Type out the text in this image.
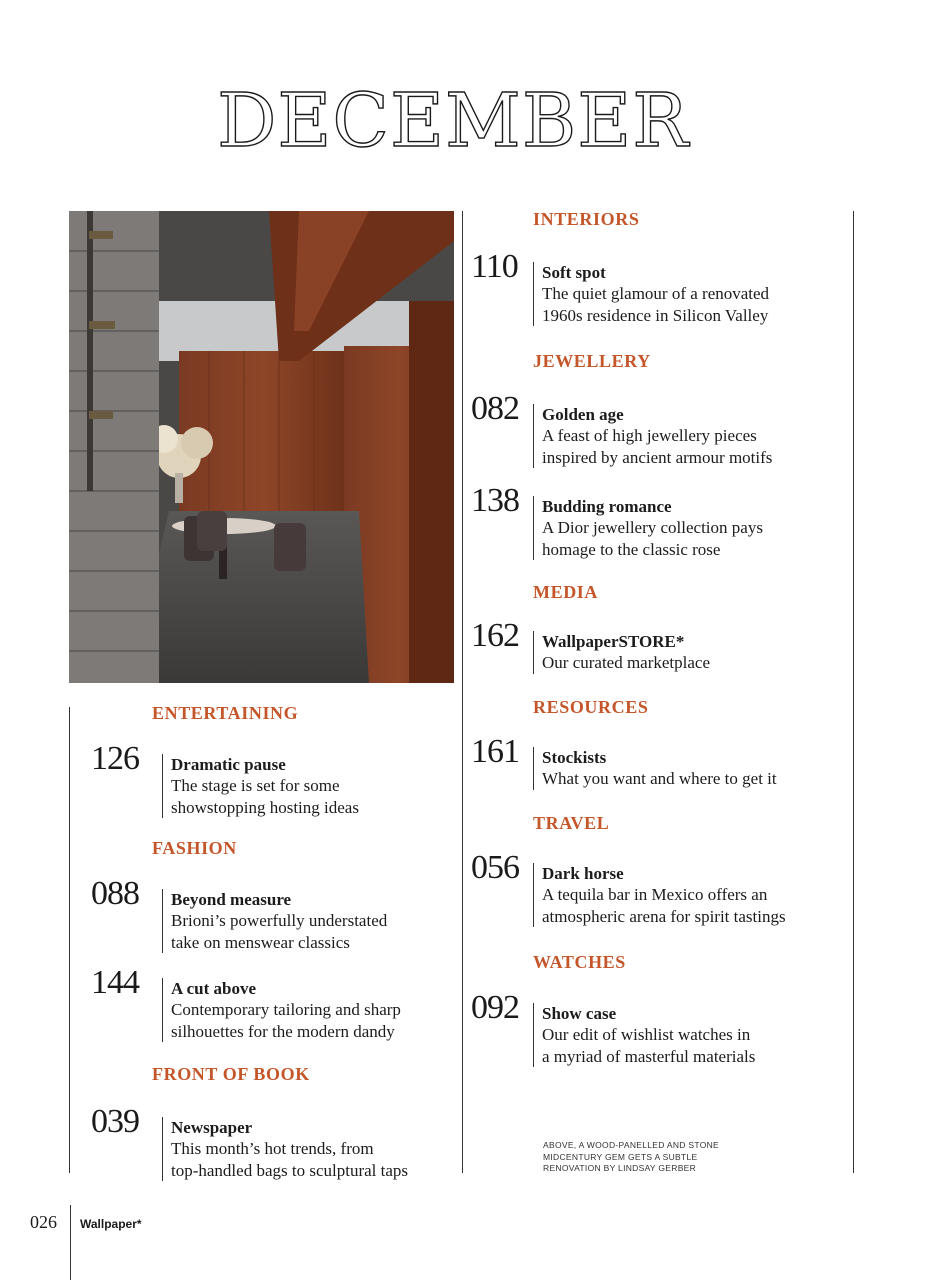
DECEMBER
ENTERTAINING
126 Dramatic pause
The stage is set for some
showstopping hosting ideas
FASHION
088 Beyond measure
Brioni’s powerfully understated
take on menswear classics
144 A cut above
Contemporary tailoring and sharp
silhouettes for the modern dandy
FRONT OF BOOK
039 Newspaper
This month’s hot trends, from
top-handled bags to sculptural taps
INTERIORS
110 Soft spot
The quiet glamour of a renovated
1960s residence in Silicon Valley
JEWELLERY
082 Golden age
A feast of high jewellery pieces
inspired by ancient armour motifs
138 Budding romance
A Dior jewellery collection pays
homage to the classic rose
MEDIA
162 WallpaperSTORE*
Our curated marketplace
RESOURCES
161 Stockists
What you want and where to get it
TRAVEL
056 Dark horse
A tequila bar in Mexico offers an
atmospheric arena for spirit tastings
WATCHES
092 Show case
Our edit of wishlist watches in
a myriad of masterful materials
ABOVE, A WOOD-PANELLED AND STONE MIDCENTURY GEM GETS A SUBTLE RENOVATION BY LINDSAY GERBER
026 Wallpaper*
